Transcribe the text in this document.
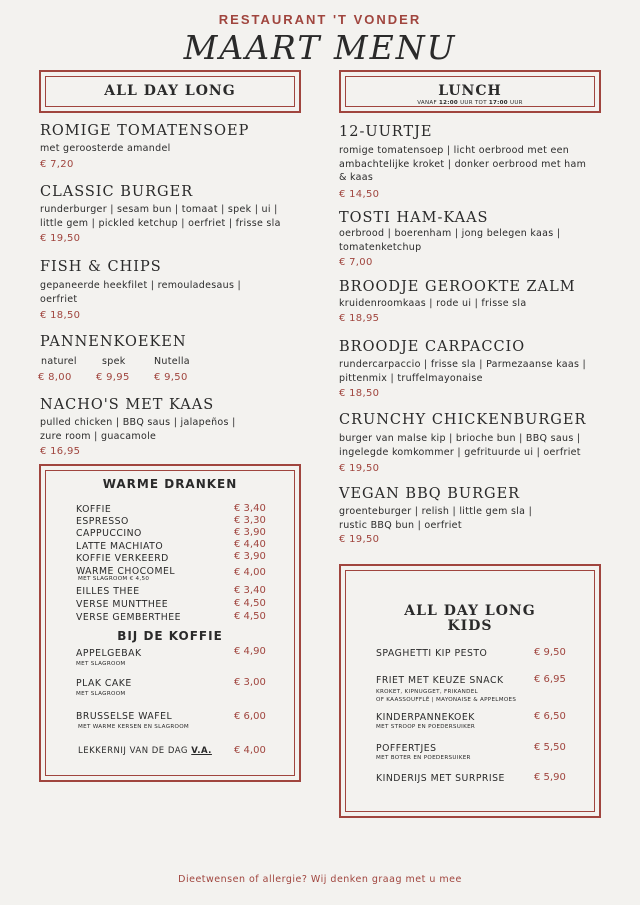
RESTAURANT 'T VONDER
MAART MENU
ALL DAY LONG	LUNCH
VANAF 12:00 UUR TOT 17:00 UUR
ROMIGE TOMATENSOEP
met geroosterde amandel
€ 7,20
CLASSIC BURGER
runderburger | sesam bun | tomaat | spek | ui | little gem | pickled ketchup | oerfriet | frisse sla
€ 19,50
FISH & CHIPS
gepaneerde heekfilet | remouladesaus | oerfriet
€ 18,50
PANNENKOEKEN
naturel	spek	Nutella
€ 8,00 € 9,95 € 9,50
NACHO'S MET KAAS
pulled chicken | BBQ saus | jalapeños | zure room | guacamole
€ 16,95
12-UURTJE
romige tomatensoep | licht oerbrood met een ambachtelijke kroket | donker oerbrood met ham & kaas
€ 14,50
TOSTI HAM-KAAS
oerbrood | boerenham | jong belegen kaas | tomatenketchup
€ 7,00
BROODJE GEROOKTE ZALM
kruidenroomkaas | rode ui | frisse sla
€ 18,95
BROODJE CARPACCIO
rundercarpaccio | frisse sla | Parmezaanse kaas | pittenmix | truffelmayonaise
€ 18,50
CRUNCHY CHICKENBURGER
burger van malse kip | brioche bun | BBQ saus | ingelegde komkommer | gefrituurde ui | oerfriet
€ 19,50
VEGAN BBQ BURGER
groenteburger | relish | little gem sla | rustic BBQ bun | oerfriet
€ 19,50
WARME DRANKEN
KOFFIE	€ 3,40
ESPRESSO	€ 3,30
CAPPUCCINO	€ 3,90
LATTE MACHIATO	€ 4,40
KOFFIE VERKEERD	€ 3,90
WARME CHOCOMEL
MET SLAGROOM € 4,50
€ 4,00
EILLES THEE	€ 3,40
VERSE MUNTTHEE	€ 4,50
VERSE GEMBERTHEE	€ 4,50
BIJ DE KOFFIE
APPELGEBAK
MET SLAGROOM
€ 4,90
PLAK CAKE
MET SLAGROOM
€ 3,00
BRUSSELSE WAFEL
MET WARME KERSEN EN SLAGROOM
€ 6,00
LEKKERNIJ VAN DE DAG V.A. € 4,00
ALL DAY LONG
KIDS
SPAGHETTI KIP PESTO	€ 9,50
FRIET MET KEUZE SNACK	€ 6,95
KROKET, KIPNUGGET, FRIKANDEL
OF KAASSOUFFLÉ | MAYONAISE & APPELMOES
KINDERPANNEKOEK	€ 6,50
MET STROOP EN POEDERSUIKER
POFFERTJES	€ 5,50
MET BOTER EN POEDERSUIKER
KINDERIJS MET SURPRISE	€ 5,90
Dieetwensen of allergie? Wij denken graag met u mee
